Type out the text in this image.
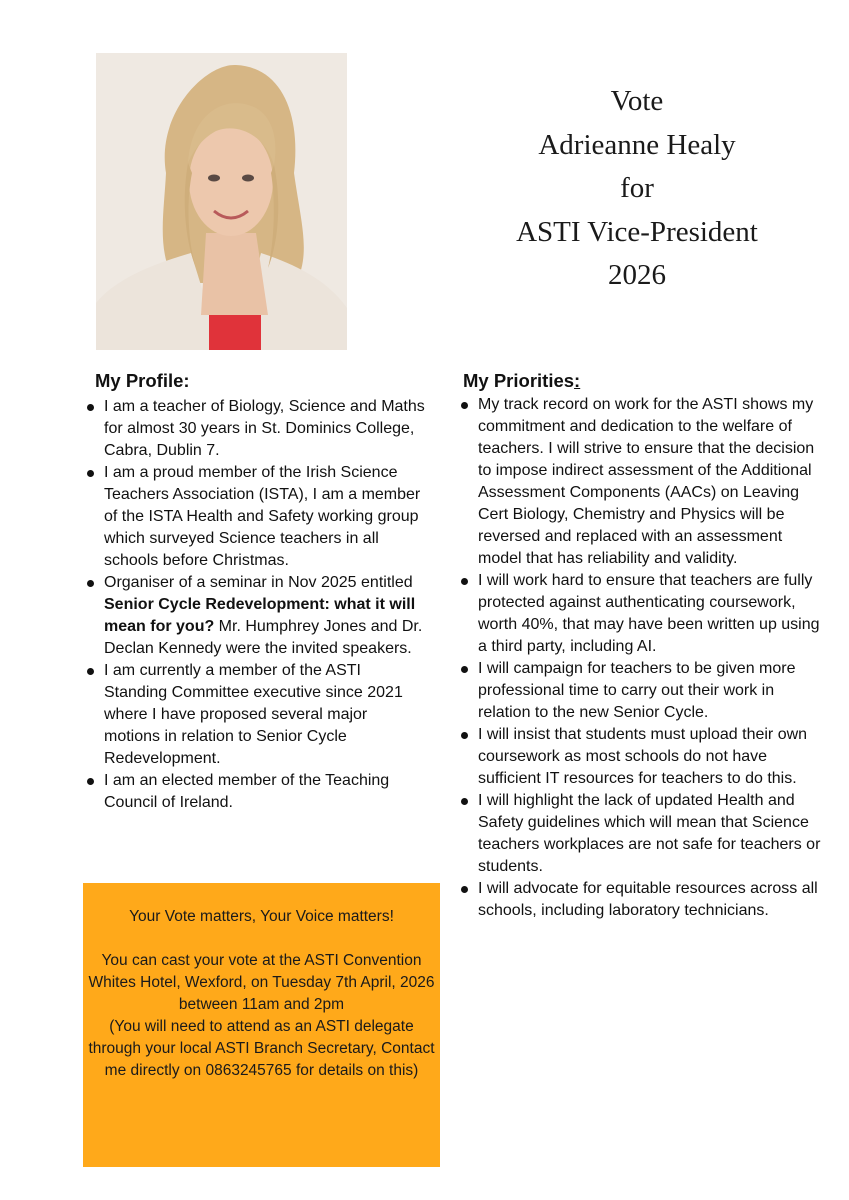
Vote
Adrieanne Healy
for
ASTI Vice-President
2026
My Profile:
I am a teacher of Biology, Science and Maths for almost 30 years in St. Dominics College, Cabra, Dublin 7.
I am a proud member of the Irish Science Teachers Association (ISTA), I am a member of the ISTA Health and Safety working group which surveyed Science teachers in all schools before Christmas.
Organiser of a seminar in Nov 2025 entitled Senior Cycle Redevelopment: what it will mean for you? Mr. Humphrey Jones and Dr. Declan Kennedy were the invited speakers.
I am currently a member of the ASTI Standing Committee executive since 2021 where I have proposed several major motions in relation to Senior Cycle Redevelopment.
I am an elected member of the Teaching Council of Ireland.
My Priorities:
My track record on work for the ASTI shows my commitment and dedication to the welfare of teachers. I will strive to ensure that the decision to impose indirect assessment of the Additional Assessment Components (AACs) on Leaving Cert Biology, Chemistry and Physics will be reversed and replaced with an assessment model that has reliability and validity.
I will work hard to ensure that teachers are fully protected against authenticating coursework, worth 40%, that may have been written up using a third party, including AI.
I will campaign for teachers to be given more professional time to carry out their work in relation to the new Senior Cycle.
I will insist that students must upload their own coursework as most schools do not have sufficient IT resources for teachers to do this.
I will highlight the lack of updated Health and Safety guidelines which will mean that Science teachers workplaces are not safe for teachers or students.
I will advocate for equitable resources across all schools, including laboratory technicians.

Your Vote matters, Your Voice matters!

You can cast your vote at the ASTI Convention
Whites Hotel, Wexford, on Tuesday 7th April, 2026 between 11am and 2pm
(You will need to attend as an ASTI delegate through your local ASTI Branch Secretary, Contact me directly on 0863245765 for details on this)
